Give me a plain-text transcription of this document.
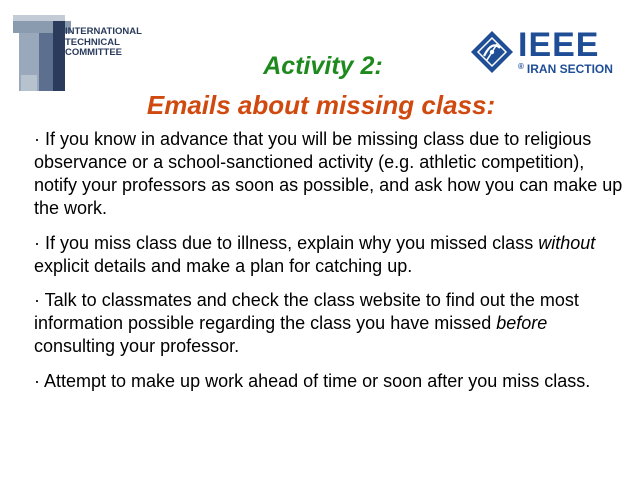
INTERNATIONAL
TECHNICAL
COMMITTEE	IEEE
® IRAN SECTION
Activity 2:
Emails about missing class:

· If you know in advance that you will be missing class due to religious observance or a school-sanctioned activity (e.g. athletic competition), notify your professors as soon as possible, and ask how you can make up the work.

· If you miss class due to illness, explain why you missed class without explicit details and make a plan for catching up.

· Talk to classmates and check the class website to find out the most information possible regarding the class you have missed before consulting your professor.

· Attempt to make up work ahead of time or soon after you miss class.
